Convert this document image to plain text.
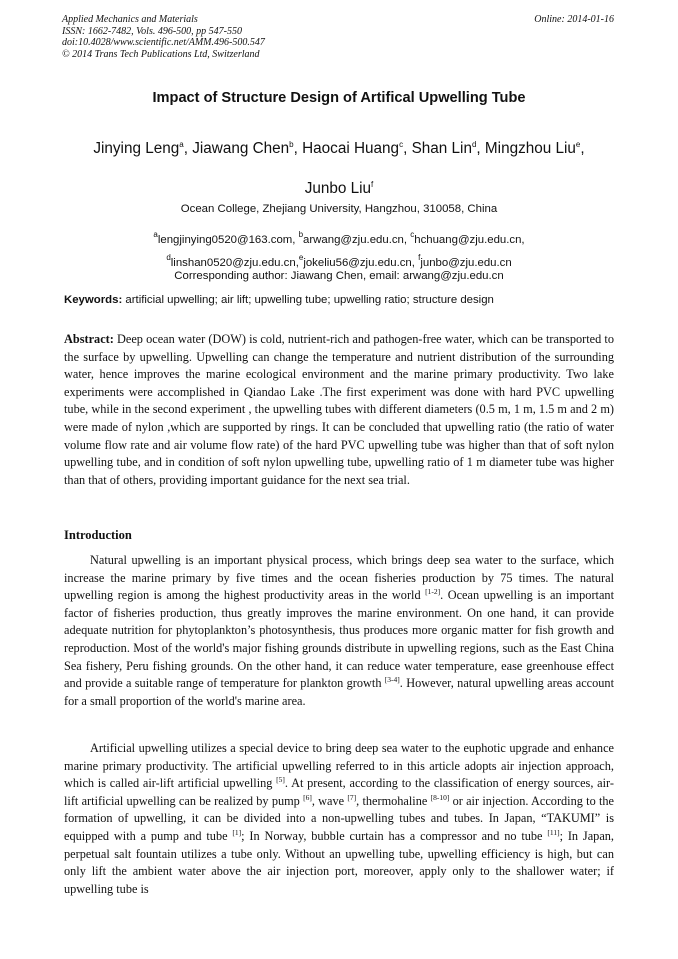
Applied Mechanics and Materials
ISSN: 1662-7482, Vols. 496-500, pp 547-550
doi:10.4028/www.scientific.net/AMM.496-500.547
© 2014 Trans Tech Publications Ltd, Switzerland
Online: 2014-01-16
Impact of Structure Design of Artifical Upwelling Tube
Jinying Leng$^a$, Jiawang Chen$^b$, Haocai Huang$^c$, Shan Lin$^d$, Mingzhou Liu$^e$,
Junbo Liu$^f$
Ocean College, Zhejiang University, Hangzhou, 310058, China
$^a$lengjinying0520@163.com, $^b$arwang@zju.edu.cn, $^c$hchuang@zju.edu.cn,
$^d$linshan0520@zju.edu.cn,$^e$jokeliu56@zju.edu.cn, $^f$junbo@zju.edu.cn
Corresponding author: Jiawang Chen, email: arwang@zju.edu.cn
Keywords: artificial upwelling; air lift; upwelling tube; upwelling ratio; structure design
Abstract: Deep ocean water (DOW) is cold, nutrient-rich and pathogen-free water, which can be transported to the surface by upwelling. Upwelling can change the temperature and nutrient distribution of the surrounding water, hence improves the marine ecological environment and the marine primary productivity. Two lake experiments were accomplished in Qiandao Lake .The first experiment was done with hard PVC upwelling tube, while in the second experiment , the upwelling tubes with different diameters (0.5 m, 1 m, 1.5 m and 2 m) were made of nylon ,which are supported by rings. It can be concluded that upwelling ratio (the ratio of water volume flow rate and air volume flow rate) of the hard PVC upwelling tube was higher than that of soft nylon upwelling tube, and in condition of soft nylon upwelling tube, upwelling ratio of 1 m diameter tube was higher than that of others, providing important guidance for the next sea trial.
Introduction
Natural upwelling is an important physical process, which brings deep sea water to the surface, which increase the marine primary by five times and the ocean fisheries production by 75 times. The natural upwelling region is among the highest productivity areas in the world [1-2]. Ocean upwelling is an important factor of fisheries production, thus greatly improves the marine environment. On one hand, it can provide adequate nutrition for phytoplankton’s photosynthesis, thus produces more organic matter for fish growth and reproduction. Most of the world's major fishing grounds distribute in upwelling regions, such as the East China Sea fishery, Peru fishing grounds. On the other hand, it can reduce water temperature, ease greenhouse effect and provide a suitable range of temperature for plankton growth [3-4]. However, natural upwelling areas account for a small proportion of the world's marine area.
Artificial upwelling utilizes a special device to bring deep sea water to the euphotic upgrade and enhance marine primary productivity. The artificial upwelling referred to in this article adopts air injection approach, which is called air-lift artificial upwelling [5]. At present, according to the classification of energy sources, air-lift artificial upwelling can be realized by pump [6], wave [7], thermohaline [8-10] or air injection. According to the formation of upwelling, it can be divided into a non-upwelling tubes and tubes. In Japan, “TAKUMI” is equipped with a pump and tube [1]; In Norway, bubble curtain has a compressor and no tube [11]; In Japan, perpetual salt fountain utilizes a tube only. Without an upwelling tube, upwelling efficiency is high, but can only lift the ambient water above the air injection port, moreover, apply only to the shallower water; if upwelling tube is
